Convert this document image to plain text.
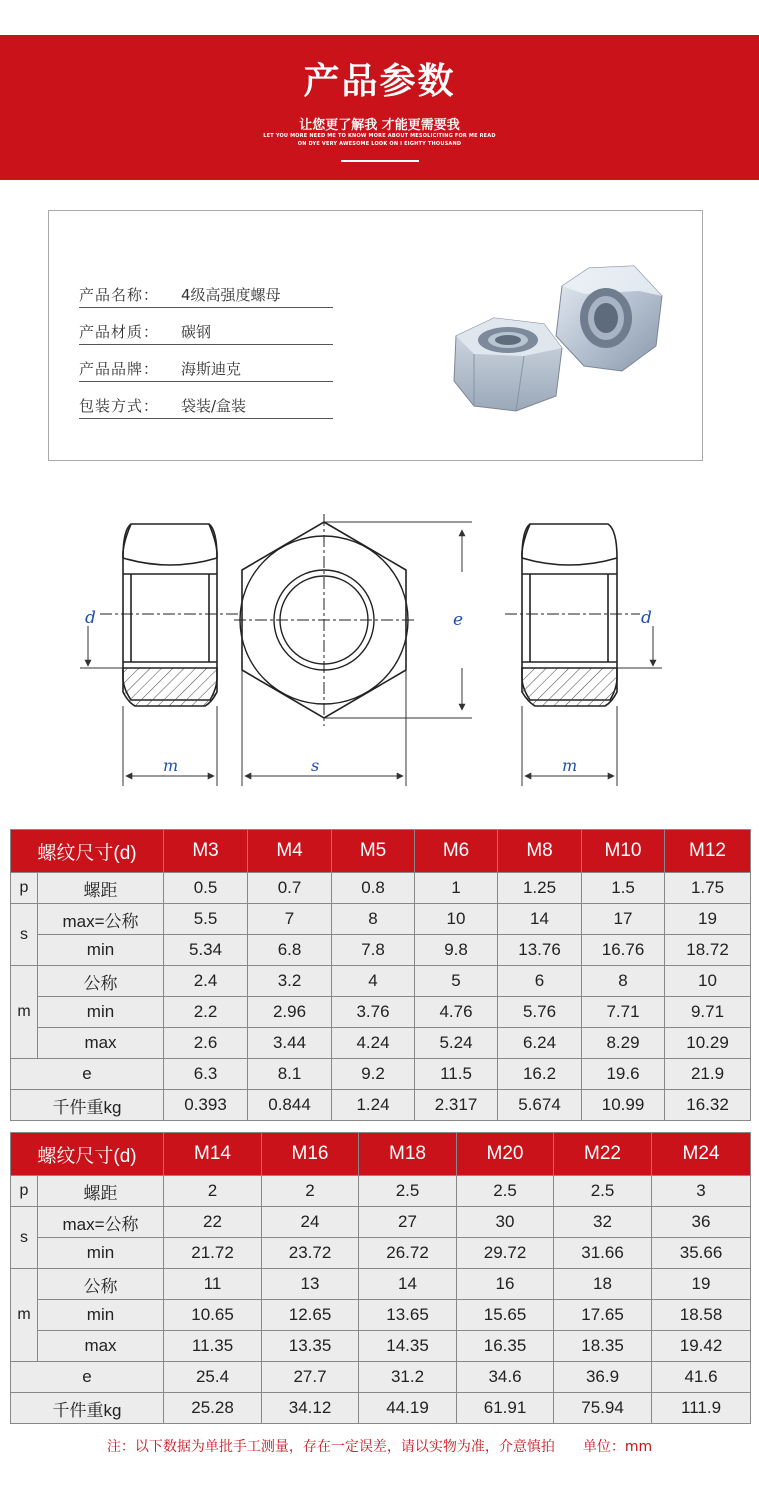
产品参数
让您更了解我 才能更需要我
LET YOU MORE NEED ME TO KNOW MORE ABOUT MESOLICITING FOR ME READ
ON DYE VERY AWESOME LOOK ON I EIGHTY THOUSAND
产品名称： 4级高强度螺母
产品材质： 碳钢
产品品牌： 海斯迪克
包装方式： 袋装/盒装
d
m
e
s
d
m
螺纹尺寸(d)		M3	M4	M5	M6	M8	M10	M12
p	螺距	0.5	0.7	0.8	1	1.25	1.5	1.75
s	max=公称	5.5	7	8	10	14	17	19
	min	5.34	6.8	7.8	9.8	13.76	16.76	18.72
m	公称	2.4	3.2	4	5	6	8	10
	min	2.2	2.96	3.76	4.76	5.76	7.71	9.71
	max	2.6	3.44	4.24	5.24	6.24	8.29	10.29
e		6.3	8.1	9.2	11.5	16.2	19.6	21.9
千件重kg		0.393	0.844	1.24	2.317	5.674	10.99	16.32
螺纹尺寸(d)		M14	M16	M18	M20	M22	M24
p	螺距	2	2	2.5	2.5	2.5	3
s	max=公称	22	24	27	30	32	36
	min	21.72	23.72	26.72	29.72	31.66	35.66
m	公称	11	13	14	16	18	19
	min	10.65	12.65	13.65	15.65	17.65	18.58
	max	11.35	13.35	14.35	16.35	18.35	19.42
e		25.4	27.7	31.2	34.6	36.9	41.6
千件重kg		25.28	34.12	44.19	61.91	75.94	111.9
注：以下数据为单批手工测量，存在一定误差，请以实物为准，介意慎拍　　单位：mm
